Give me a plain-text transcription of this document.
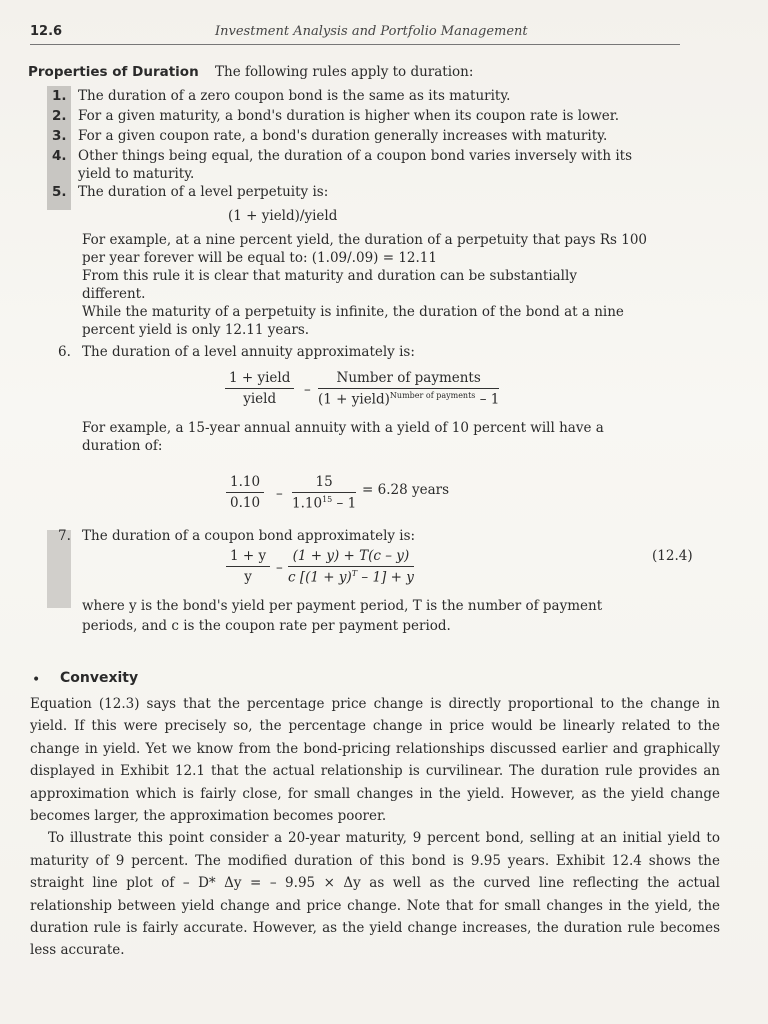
12.6	Investment Analysis and Portfolio Management
Properties of Duration The following rules apply to duration:
1. The duration of a zero coupon bond is the same as its maturity.
2. For a given maturity, a bond's duration is higher when its coupon rate is lower.
3. For a given coupon rate, a bond's duration generally increases with maturity.
4. Other things being equal, the duration of a coupon bond varies inversely with its
yield to maturity.
5. The duration of a level perpetuity is:
(1 + yield)/yield
For example, at a nine percent yield, the duration of a perpetuity that pays Rs 100
per year forever will be equal to: (1.09/.09) = 12.11
From this rule it is clear that maturity and duration can be substantially
different.
While the maturity of a perpetuity is infinite, the duration of the bond at a nine
percent yield is only 12.11 years.
6. The duration of a level annuity approximately is:
1 + yield
yield
–
Number of payments
(1 + yield)$^{Number of payments}$ – 1
For example, a 15-year annual annuity with a yield of 10 percent will have a
duration of:
$\frac{1.10}{0.10} - \frac{15}{1.10^{15} - 1} = 6.28$ years
7. The duration of a coupon bond approximately is:
$\frac{1 + y}{y} - \frac{(1 + y) + T(c - y)}{c [(1 + y)^T - 1] + y}$	(12.4)
where y is the bond's yield per payment period, T is the number of payment
periods, and c is the coupon rate per payment period.
• Convexity
Equation (12.3) says that the percentage price change is directly proportional to the change in yield. If this were precisely so, the percentage change in price would be linearly related to the change in yield. Yet we know from the bond-pricing relationships discussed earlier and graphically displayed in Exhibit 12.1 that the actual relationship is curvilinear. The duration rule provides an approximation which is fairly close, for small changes in the yield. However, as the yield change becomes larger, the approximation becomes poorer.
To illustrate this point consider a 20-year maturity, 9 percent bond, selling at an initial yield to maturity of 9 percent. The modified duration of this bond is 9.95 years. Exhibit 12.4 shows the straight line plot of – D* Δy = – 9.95 × Δy as well as the curved line reflecting the actual relationship between yield change and price change. Note that for small changes in the yield, the duration rule is fairly accurate. However, as the yield change increases, the duration rule becomes less accurate.
